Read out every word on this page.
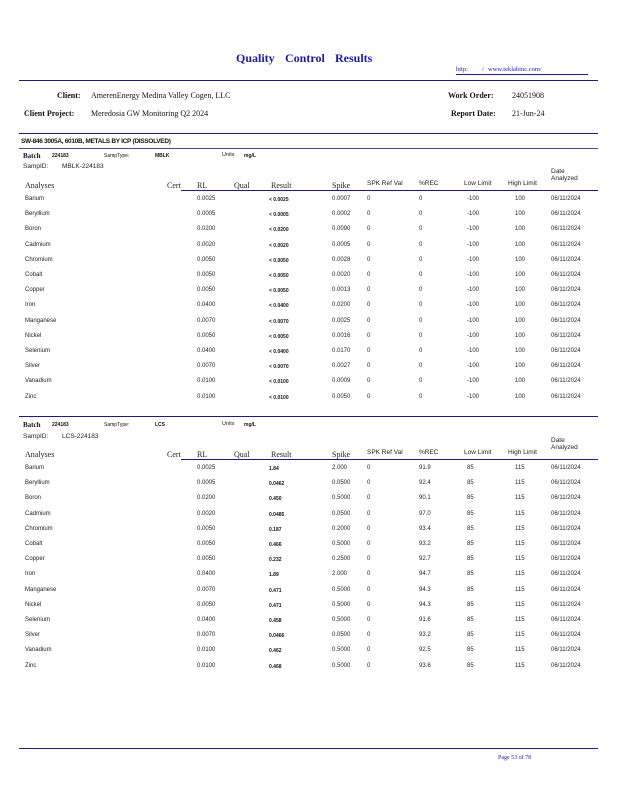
Quality Control Results
http: / www.teklabinc.com/
Client: AmerenEnergy Medina Valley Cogen, LLC	Work Order: 24051908
Client Project: Meredosia GW Monitoring Q2 2024	Report Date: 21-Jun-24
SW-846 3005A, 6010B, METALS BY ICP (DISSOLVED)
Batch 224183	SampType:	MBLK	Units mg/L
SampID: MBLK-224183
Date
Analyzed
Analyses	Cert RL	Qual	Result	Spike	SPK Ref Val	%REC	Low Limit	High Limit
Barium	0.0025	< 0.0025	0.0007	0	0	-100	100	06/11/2024
Beryllium	0.0005	< 0.0005	0.0002	0	0	-100	100	06/11/2024
Boron	0.0200	< 0.0200	0.0090	0	0	-100	100	06/11/2024
Cadmium	0.0020	< 0.0020	0.0005	0	0	-100	100	06/11/2024
Chromium	0.0050	< 0.0050	0.0028	0	0	-100	100	06/11/2024
Cobalt	0.0050	< 0.0050	0.0020	0	0	-100	100	06/11/2024
Copper	0.0050	< 0.0050	0.0013	0	0	-100	100	06/11/2024
Iron	0.0400	< 0.0400	0.0200	0	0	-100	100	06/11/2024
Manganese	0.0070	< 0.0070	0.0025	0	0	-100	100	06/11/2024
Nickel	0.0050	< 0.0050	0.0016	0	0	-100	100	06/11/2024
Selenium	0.0400	< 0.0400	0.0170	0	0	-100	100	06/11/2024
Silver	0.0070	< 0.0070	0.0027	0	0	-100	100	06/11/2024
Vanadium	0.0100	< 0.0100	0.0009	0	0	-100	100	06/11/2024
Zinc	0.0100	< 0.0100	0.0050	0	0	-100	100	06/11/2024
Batch 224183	SampType:	LCS	Units mg/L
SampID: LCS-224183
Date
Analyzed
Analyses	Cert RL	Qual	Result	Spike	SPK Ref Val	%REC	Low Limit	High Limit
Barium	0.0025	1.84	2.000	0	91.9	85	115	06/11/2024
Beryllium	0.0005	0.0462	0.0500	0	92.4	85	115	06/11/2024
Boron	0.0200	0.450	0.5000	0	90.1	85	115	06/11/2024
Cadmium	0.0020	0.0485	0.0500	0	97.0	85	115	06/11/2024
Chromium	0.0050	0.187	0.2000	0	93.4	85	115	06/11/2024
Cobalt	0.0050	0.466	0.5000	0	93.2	85	115	06/11/2024
Copper	0.0050	0.232	0.2500	0	92.7	85	115	06/11/2024
Iron	0.0400	1.89	2.000	0	94.7	85	115	06/11/2024
Manganese	0.0070	0.471	0.5000	0	94.3	85	115	06/11/2024
Nickel	0.0050	0.471	0.5000	0	94.3	85	115	06/11/2024
Selenium	0.0400	0.458	0.5000	0	91.6	85	115	06/11/2024
Silver	0.0070	0.0466	0.0500	0	93.2	85	115	06/11/2024
Vanadium	0.0100	0.462	0.5000	0	92.5	85	115	06/11/2024
Zinc	0.0100	0.468	0.5000	0	93.6	85	115	06/11/2024
Page 53 of 78
